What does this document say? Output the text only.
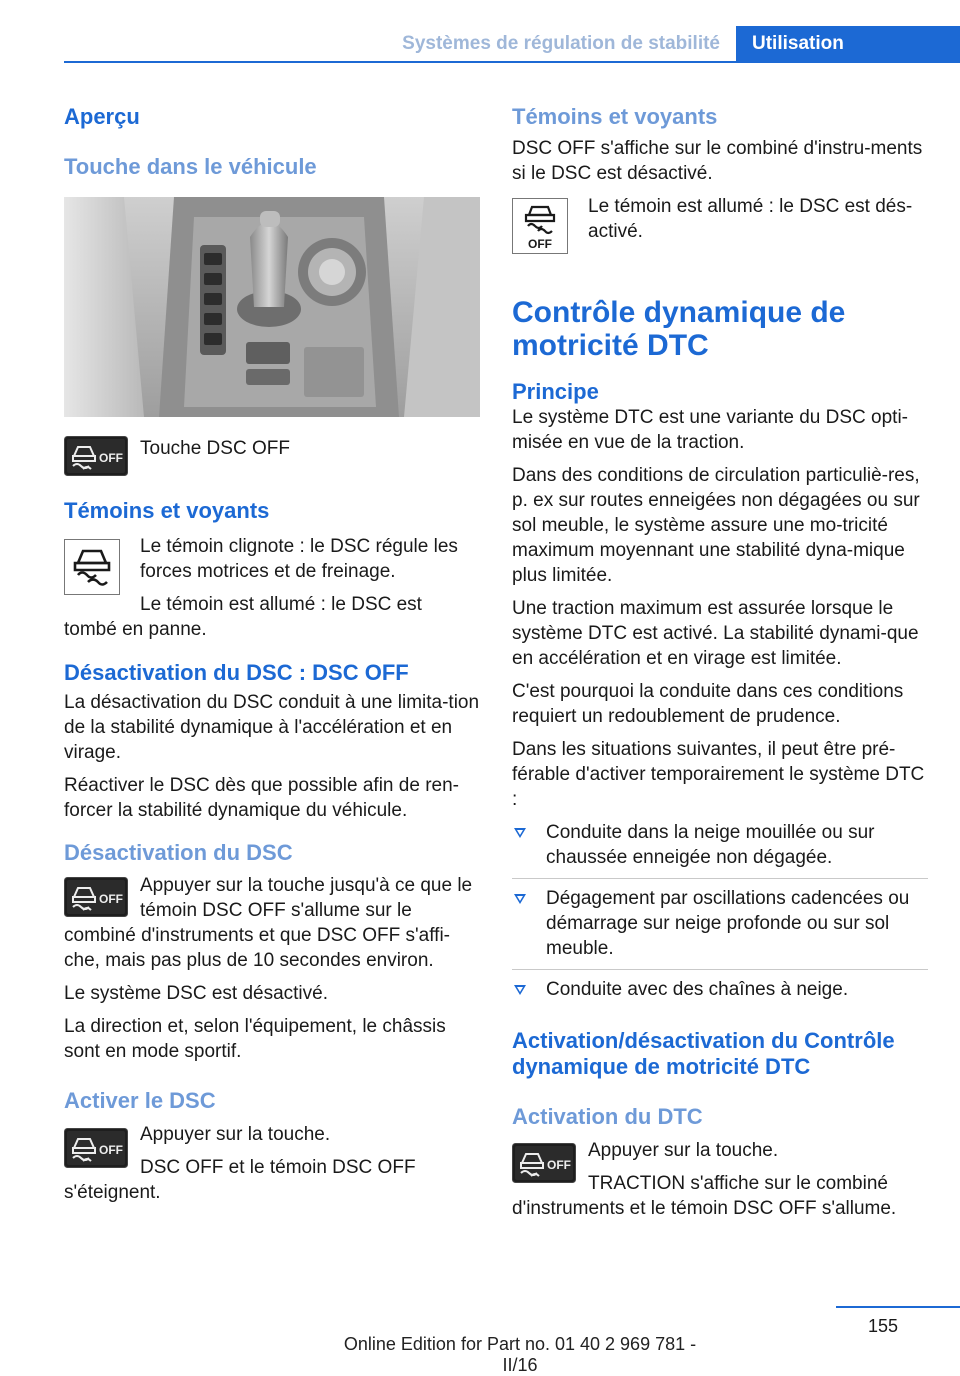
Systèmes de régulation de stabilité	Utilisation
Aperçu
Touche dans le véhicule
OFF Touche DSC OFF

Témoins et voyants

Le témoin clignote : le DSC régule les forces motrices et de freinage.

Le témoin est allumé : le DSC est

tombé en panne.

Désactivation du DSC : DSC OFF

La désactivation du DSC conduit à une limita-tion de la stabilité dynamique à l'accélération et en virage.

Réactiver le DSC dès que possible afin de ren-forcer la stabilité dynamique du véhicule.

Désactivation du DSC
OFF

Appuyer sur la touche jusqu'à ce que le témoin DSC OFF s'allume sur le

combiné d'instruments et que DSC OFF s'affi-che, mais pas plus de 10 secondes environ.

Le système DSC est désactivé.

La direction et, selon l'équipement, le châssis sont en mode sportif.

Activer le DSC
OFF

Appuyer sur la touche.

DSC OFF et le témoin DSC OFF

s'éteignent.

Témoins et voyants

DSC OFF s'affiche sur le combiné d'instru-ments si le DSC est désactivé.

OFF

Le témoin est allumé : le DSC est dés-activé.

Contrôle dynamique de motricité DTC
Principe

Le système DTC est une variante du DSC opti-misée en vue de la traction.

Dans des conditions de circulation particuliè-res, p. ex sur routes enneigées non dégagées ou sur sol meuble, le système assure une mo-tricité maximum moyennant une stabilité dyna-mique plus limitée.

Une traction maximum est assurée lorsque le système DTC est activé. La stabilité dynami-que en accélération et en virage est limitée.

C'est pourquoi la conduite dans ces conditions requiert un redoublement de prudence.

Dans les situations suivantes, il peut être pré-férable d'activer temporairement le système DTC :

Conduite dans la neige mouillée ou sur chaussée enneigée non dégagée.
Dégagement par oscillations cadencées ou démarrage sur neige profonde ou sur sol meuble.
Conduite avec des chaînes à neige.
Activation/désactivation du Contrôle dynamique de motricité DTC
Activation du DTC
OFF

Appuyer sur la touche.

TRACTION s'affiche sur le combiné

d'instruments et le témoin DSC OFF s'allume.

155
Online Edition for Part no. 01 40 2 969 781 - II/16
